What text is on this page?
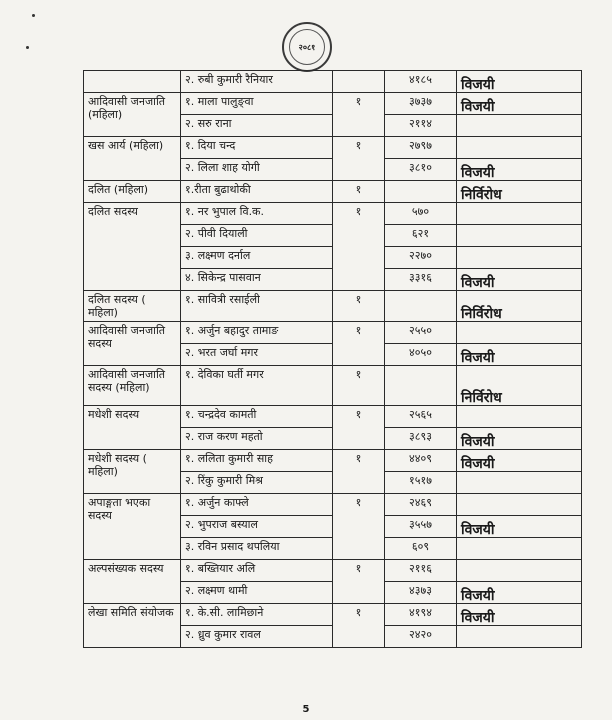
२०८१
	२. रुबी कुमारी रैनियार		४१८५	विजयी
आदिवासी जनजाति (महिला)	१. माला पालुङ्वा	१	३७३७	विजयी
	२. सरु राना		२११४	
खस आर्य (महिला)	१. दिया चन्द	१	२७९७	
	२. लिला शाह योगी		३८१०	विजयी
दलित (महिला)	१.रीता बुढाथोकी	१		निर्विरोध
दलित सदस्य	१. नर भुपाल वि.क.	१	५७०	
	२. पीवी दियाली		६२१	
	३. लक्ष्मण दर्नाल		२२७०	
	४. सिकेन्द्र पासवान		३३१६	विजयी
दलित सदस्य ( महिला)	१. सावित्री रसाईली	१		निर्विरोध
आदिवासी जनजाति सदस्य	१. अर्जुन बहादुर तामाङ	१	२५५०	
	२. भरत जर्घा मगर		४०५०	विजयी
आदिवासी जनजाति सदस्य (महिला)	१. देविका घर्ती मगर	१		निर्विरोध
मधेशी सदस्य	१. चन्द्रदेव कामती	१	२५६५	
	२. राज करण महतो		३८९३	विजयी
मधेशी सदस्य ( महिला)	१. ललिता कुमारी साह	१	४४०९	विजयी
	२. रिंकु कुमारी मिश्र		१५१७	
अपाङ्गता भएका सदस्य	१. अर्जुन काफ्ले	१	२४६९	
	२. भुपराज बस्याल		३५५७	विजयी
	३. रविन प्रसाद थपलिया		६०९	
अल्पसंख्यक सदस्य	१. बख्तियार अलि	१	२११६	
	२. लक्ष्मण थामी		४३७३	विजयी
लेखा समिति संयोजक	१. के.सी. लामिछाने	१	४१९४	विजयी
	२. ध्रुव कुमार रावल		२४२०	
5
